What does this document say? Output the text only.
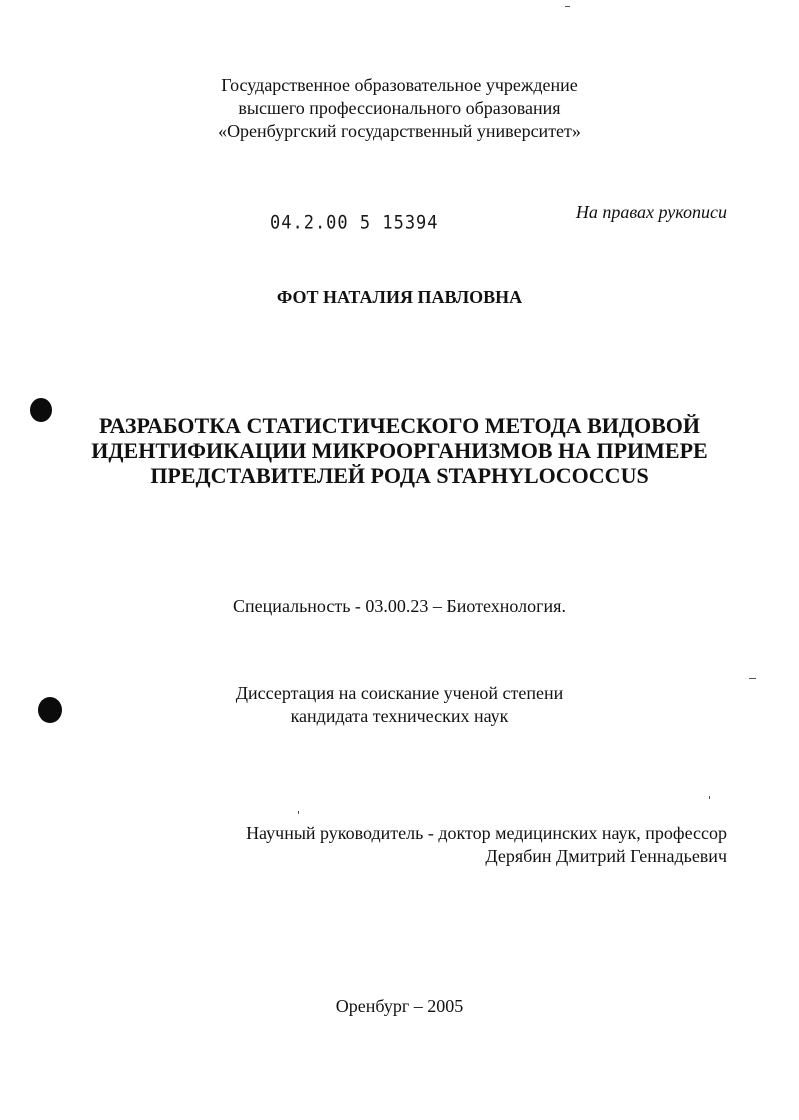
Государственное образовательное учреждение
высшего профессионального образования
«Оренбургский государственный университет»
04.2.00 5 15394	На правах рукописи
ФОТ НАТАЛИЯ ПАВЛОВНА
РАЗРАБОТКА СТАТИСТИЧЕСКОГО МЕТОДА ВИДОВОЙ
ИДЕНТИФИКАЦИИ МИКРООРГАНИЗМОВ НА ПРИМЕРЕ
ПРЕДСТАВИТЕЛЕЙ РОДА STAPHYLOCOCCUS
Специальность - 03.00.23 – Биотехнология.
Диссертация на соискание ученой степени
кандидата технических наук
Научный руководитель - доктор медицинских наук, профессор
Дерябин Дмитрий Геннадьевич
Оренбург – 2005
